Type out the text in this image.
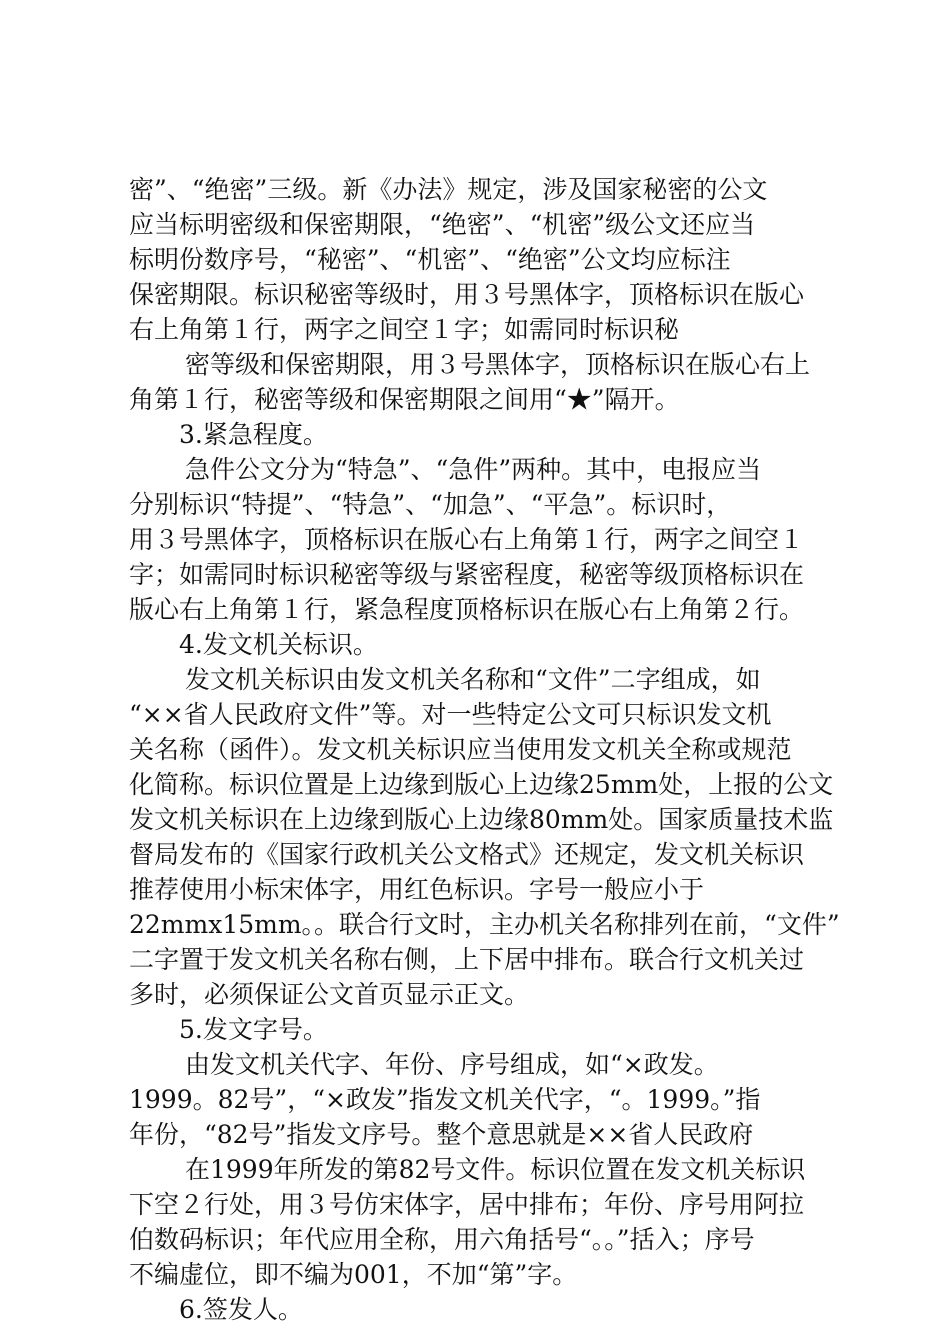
密”、“绝密”三级。新《办法》规定，涉及国家秘密的公文
应当标明密级和保密期限，“绝密”、“机密”级公文还应当
标明份数序号，“秘密”、“机密”、“绝密”公文均应标注
保密期限。标识秘密等级时，用３号黑体字，顶格标识在版心
右上角第１行，两字之间空１字；如需同时标识秘
密等级和保密期限，用３号黑体字，顶格标识在版心右上
角第１行，秘密等级和保密期限之间用“★”隔开。
3.紧急程度。
急件公文分为“特急”、“急件”两种。其中，电报应当
分别标识“特提”、“特急”、“加急”、“平急”。标识时，
用３号黑体字，顶格标识在版心右上角第１行，两字之间空１
字；如需同时标识秘密等级与紧密程度，秘密等级顶格标识在
版心右上角第１行，紧急程度顶格标识在版心右上角第２行。
4.发文机关标识。
发文机关标识由发文机关名称和“文件”二字组成，如
“××省人民政府文件”等。对一些特定公文可只标识发文机
关名称（函件）。发文机关标识应当使用发文机关全称或规范
化简称。标识位置是上边缘到版心上边缘25mm处，上报的公文
发文机关标识在上边缘到版心上边缘80mm处。国家质量技术监
督局发布的《国家行政机关公文格式》还规定，发文机关标识
推荐使用小标宋体字，用红色标识。字号一般应小于
22mmx15mm。。联合行文时，主办机关名称排列在前，“文件”
二字置于发文机关名称右侧，上下居中排布。联合行文机关过
多时，必须保证公文首页显示正文。
5.发文字号。
由发文机关代字、年份、序号组成，如“×政发。
1999。82号”，“×政发”指发文机关代字，“。1999。”指
年份，“82号”指发文序号。整个意思就是××省人民政府
在1999年所发的第82号文件。标识位置在发文机关标识
下空２行处，用３号仿宋体字，居中排布；年份、序号用阿拉
伯数码标识；年代应用全称，用六角括号“。。”括入；序号
不编虚位，即不编为001，不加“第”字。
6.签发人。
